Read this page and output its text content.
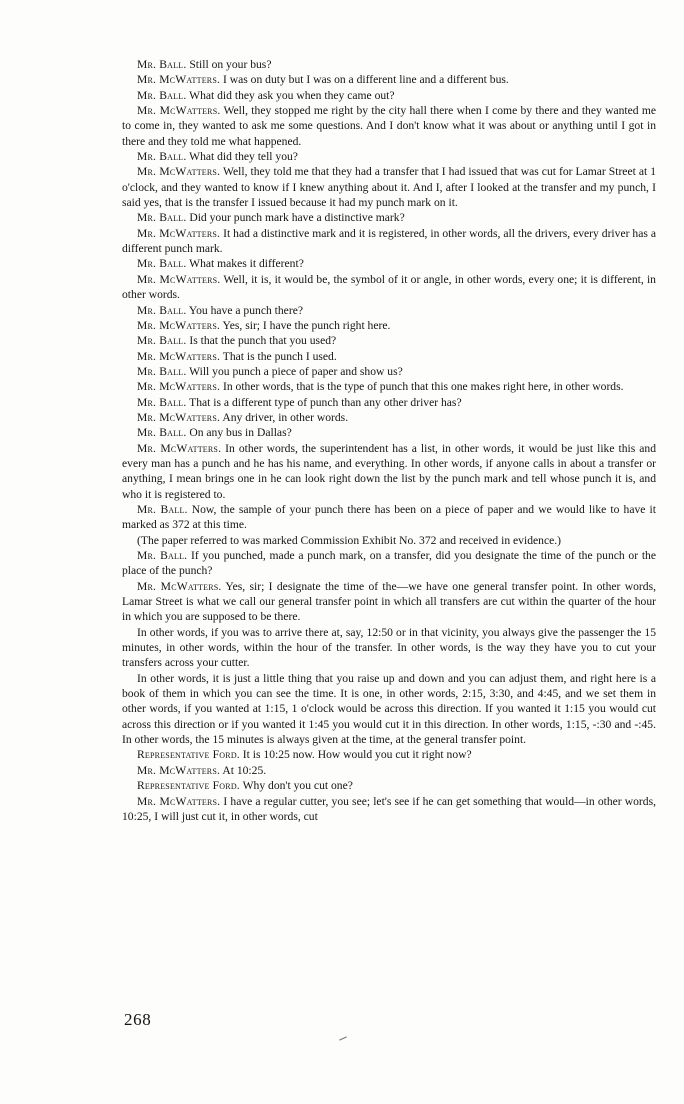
Mr. Ball. Still on your bus?

Mr. McWatters. I was on duty but I was on a different line and a different bus.

Mr. Ball. What did they ask you when they came out?

Mr. McWatters. Well, they stopped me right by the city hall there when I come by there and they wanted me to come in, they wanted to ask me some questions. And I don't know what it was about or anything until I got in there and they told me what happened.

Mr. Ball. What did they tell you?

Mr. McWatters. Well, they told me that they had a transfer that I had issued that was cut for Lamar Street at 1 o'clock, and they wanted to know if I knew anything about it. And I, after I looked at the transfer and my punch, I said yes, that is the transfer I issued because it had my punch mark on it.

Mr. Ball. Did your punch mark have a distinctive mark?

Mr. McWatters. It had a distinctive mark and it is registered, in other words, all the drivers, every driver has a different punch mark.

Mr. Ball. What makes it different?

Mr. McWatters. Well, it is, it would be, the symbol of it or angle, in other words, every one; it is different, in other words.

Mr. Ball. You have a punch there?

Mr. McWatters. Yes, sir; I have the punch right here.

Mr. Ball. Is that the punch that you used?

Mr. McWatters. That is the punch I used.

Mr. Ball. Will you punch a piece of paper and show us?

Mr. McWatters. In other words, that is the type of punch that this one makes right here, in other words.

Mr. Ball. That is a different type of punch than any other driver has?

Mr. McWatters. Any driver, in other words.

Mr. Ball. On any bus in Dallas?

Mr. McWatters. In other words, the superintendent has a list, in other words, it would be just like this and every man has a punch and he has his name, and everything. In other words, if anyone calls in about a transfer or anything, I mean brings one in he can look right down the list by the punch mark and tell whose punch it is, and who it is registered to.

Mr. Ball. Now, the sample of your punch there has been on a piece of paper and we would like to have it marked as 372 at this time.

(The paper referred to was marked Commission Exhibit No. 372 and received in evidence.)

Mr. Ball. If you punched, made a punch mark, on a transfer, did you designate the time of the punch or the place of the punch?

Mr. McWatters. Yes, sir; I designate the time of the—we have one general transfer point. In other words, Lamar Street is what we call our general transfer point in which all transfers are cut within the quarter of the hour in which you are supposed to be there.

In other words, if you was to arrive there at, say, 12:50 or in that vicinity, you always give the passenger the 15 minutes, in other words, within the hour of the transfer. In other words, is the way they have you to cut your transfers across your cutter.

In other words, it is just a little thing that you raise up and down and you can adjust them, and right here is a book of them in which you can see the time. It is one, in other words, 2:15, 3:30, and 4:45, and we set them in other words, if you wanted at 1:15, 1 o'clock would be across this direction. If you wanted it 1:15 you would cut across this direction or if you wanted it 1:45 you would cut it in this direction. In other words, 1:15, -:30 and -:45. In other words, the 15 minutes is always given at the time, at the general transfer point.

Representative Ford. It is 10:25 now. How would you cut it right now?

Mr. McWatters. At 10:25.

Representative Ford. Why don't you cut one?

Mr. McWatters. I have a regular cutter, you see; let's see if he can get something that would—in other words, 10:25, I will just cut it, in other words, cut

268
